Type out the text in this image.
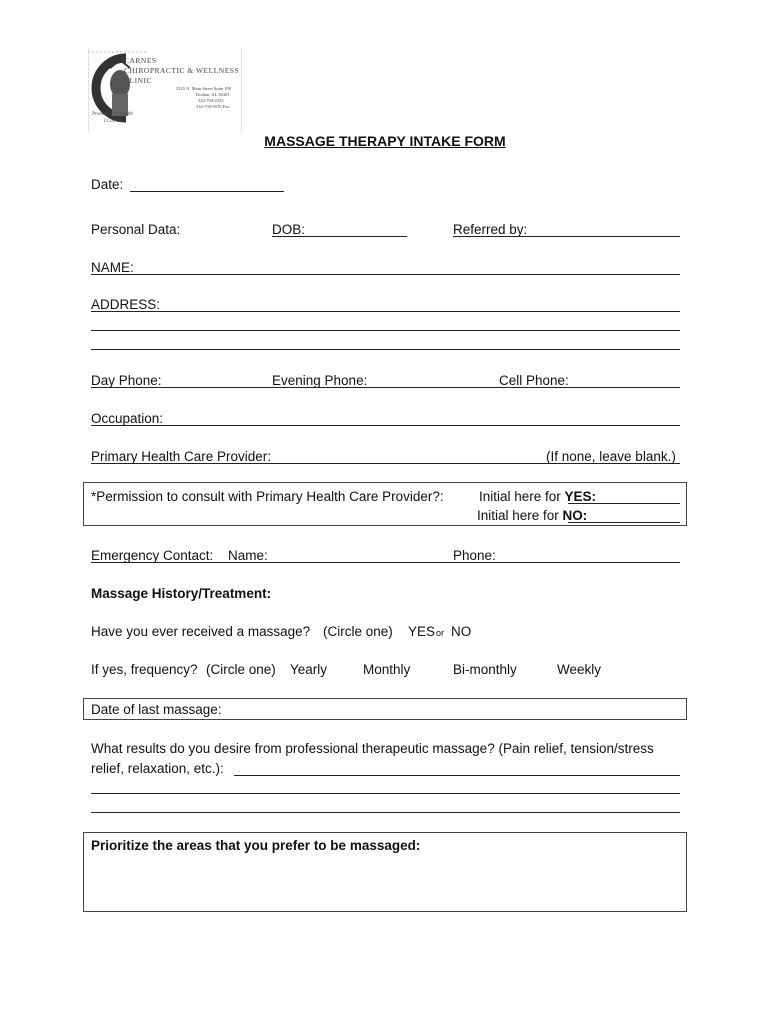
CARNES
CHIROPRACTIC & WELLNESS
CLINIC
2325 N. Main Street Suite 109
Dothan, AL 36301
334-794-2253
334-794-9570 Fax
Promoters of Health
I Can Do
MASSAGE THERAPY INTAKE FORM
Date:
Personal Data:	DOB:	Referred by:
NAME:
ADDRESS:
Day Phone:	Evening Phone:	Cell Phone:
Occupation:
Primary Health Care Provider:	(If none, leave blank.)
*Permission to consult with Primary Health Care Provider?:	Initial here for YES:
Initial here for NO:
Emergency Contact: Name:	Phone:
Massage History/Treatment:
Have you ever received a massage? (Circle one) YES or NO
If yes, frequency? (Circle one) Yearly	Monthly	Bi-monthly	Weekly
Date of last massage:
What results do you desire from professional therapeutic massage? (Pain relief, tension/stress
relief, relaxation, etc.):
Prioritize the areas that you prefer to be massaged:
